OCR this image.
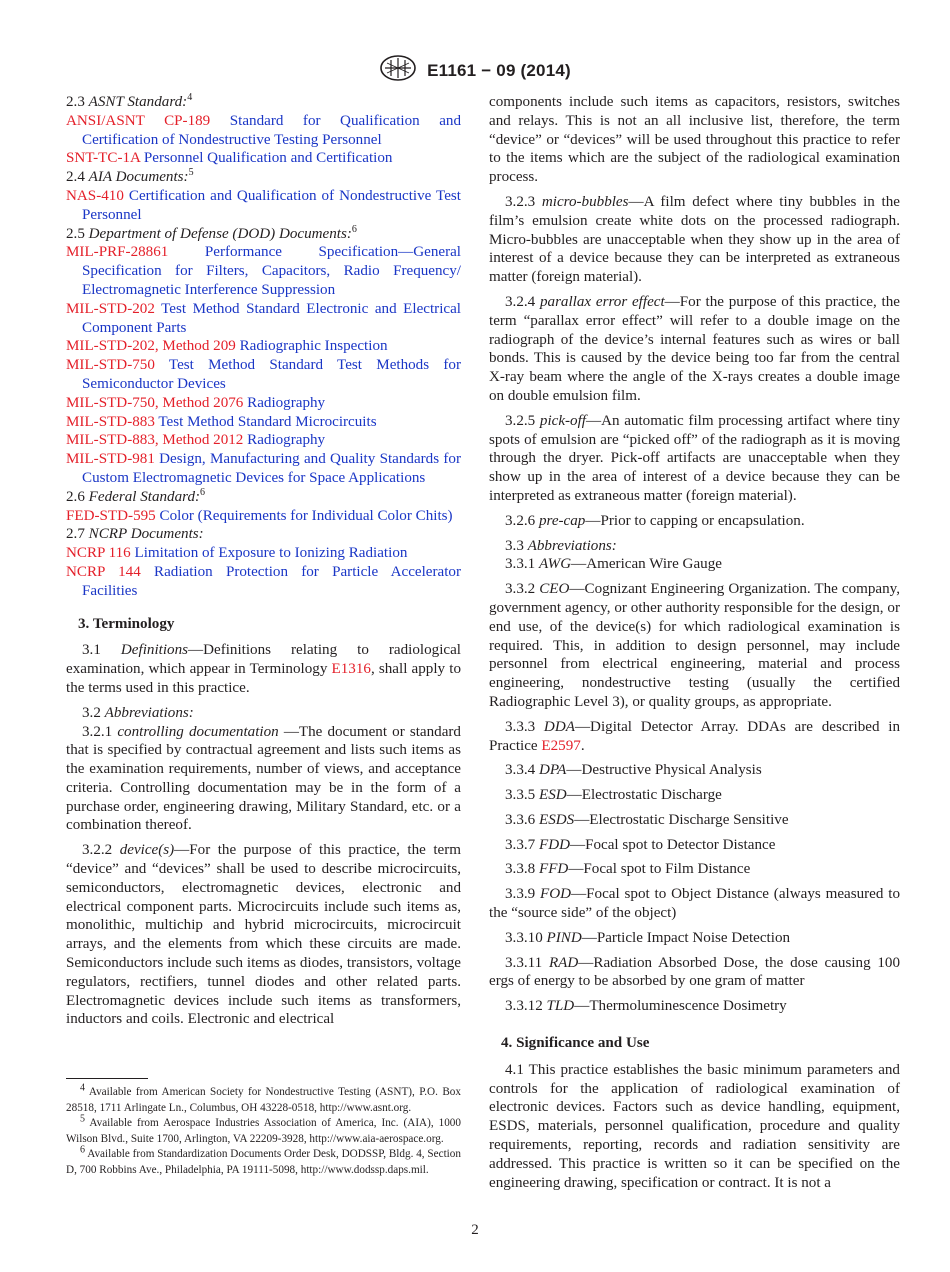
E1161 − 09 (2014)
2.3 ASNT Standard:$^4$
ANSI/ASNT CP-189 Standard for Qualification and Certification of Nondestructive Testing Personnel
SNT-TC-1A Personnel Qualification and Certification
2.4 AIA Documents:$^5$
NAS-410 Certification and Qualification of Nondestructive Test Personnel
2.5 Department of Defense (DOD) Documents:$^6$
MIL-PRF-28861 Performance Specification—General Specification for Filters, Capacitors, Radio Frequency/ Electromagnetic Interference Suppression
MIL-STD-202 Test Method Standard Electronic and Electrical Component Parts
MIL-STD-202, Method 209 Radiographic Inspection
MIL-STD-750 Test Method Standard Test Methods for Semiconductor Devices
MIL-STD-750, Method 2076 Radiography
MIL-STD-883 Test Method Standard Microcircuits
MIL-STD-883, Method 2012 Radiography
MIL-STD-981 Design, Manufacturing and Quality Standards for Custom Electromagnetic Devices for Space Applications
2.6 Federal Standard:$^6$
FED-STD-595 Color (Requirements for Individual Color Chits)
2.7 NCRP Documents:
NCRP 116 Limitation of Exposure to Ionizing Radiation
NCRP 144 Radiation Protection for Particle Accelerator Facilities
3. Terminology
3.1 Definitions—Definitions relating to radiological examination, which appear in Terminology E1316, shall apply to the terms used in this practice.
3.2 Abbreviations:
3.2.1 controlling documentation —The document or standard that is specified by contractual agreement and lists such items as the examination requirements, number of views, and acceptance criteria. Controlling documentation may be in the form of a purchase order, engineering drawing, Military Standard, etc. or a combination thereof.
3.2.2 device(s)—For the purpose of this practice, the term “device” and “devices” shall be used to describe microcircuits, semiconductors, electromagnetic devices, electronic and electrical component parts. Microcircuits include such items as, monolithic, multichip and hybrid microcircuits, microcircuit arrays, and the elements from which these circuits are made. Semiconductors include such items as diodes, transistors, voltage regulators, rectifiers, tunnel diodes and other related parts. Electromagnetic devices include such items as transformers, inductors and coils. Electronic and electrical
$^4$ Available from American Society for Nondestructive Testing (ASNT), P.O. Box 28518, 1711 Arlingate Ln., Columbus, OH 43228-0518, http://www.asnt.org.
$^5$ Available from Aerospace Industries Association of America, Inc. (AIA), 1000 Wilson Blvd., Suite 1700, Arlington, VA 22209-3928, http://www.aia-aerospace.org.
$^6$ Available from Standardization Documents Order Desk, DODSSP, Bldg. 4, Section D, 700 Robbins Ave., Philadelphia, PA 19111-5098, http://www.dodssp.daps.mil.
components include such items as capacitors, resistors, switches and relays. This is not an all inclusive list, therefore, the term “device” or “devices” will be used throughout this practice to refer to the items which are the subject of the radiological examination process.
3.2.3 micro-bubbles—A film defect where tiny bubbles in the film’s emulsion create white dots on the processed radiograph. Micro-bubbles are unacceptable when they show up in the area of interest of a device because they can be interpreted as extraneous matter (foreign material).
3.2.4 parallax error effect—For the purpose of this practice, the term “parallax error effect” will refer to a double image on the radiograph of the device’s internal features such as wires or ball bonds. This is caused by the device being too far from the central X-ray beam where the angle of the X-rays creates a double image on double emulsion film.
3.2.5 pick-off—An automatic film processing artifact where tiny spots of emulsion are “picked off” of the radiograph as it is moving through the dryer. Pick-off artifacts are unacceptable when they show up in the area of interest of a device because they can be interpreted as extraneous matter (foreign material).
3.2.6 pre-cap—Prior to capping or encapsulation.
3.3 Abbreviations:
3.3.1 AWG—American Wire Gauge
3.3.2 CEO—Cognizant Engineering Organization. The company, government agency, or other authority responsible for the design, or end use, of the device(s) for which radiological examination is required. This, in addition to design personnel, may include personnel from electrical engineering, material and process engineering, nondestructive testing (usually the certified Radiographic Level 3), or quality groups, as appropriate.
3.3.3 DDA—Digital Detector Array. DDAs are described in Practice E2597.
3.3.4 DPA—Destructive Physical Analysis
3.3.5 ESD—Electrostatic Discharge
3.3.6 ESDS—Electrostatic Discharge Sensitive
3.3.7 FDD—Focal spot to Detector Distance
3.3.8 FFD—Focal spot to Film Distance
3.3.9 FOD—Focal spot to Object Distance (always measured to the “source side” of the object)
3.3.10 PIND—Particle Impact Noise Detection
3.3.11 RAD—Radiation Absorbed Dose, the dose causing 100 ergs of energy to be absorbed by one gram of matter
3.3.12 TLD—Thermoluminescence Dosimetry
4. Significance and Use
4.1 This practice establishes the basic minimum parameters and controls for the application of radiological examination of electronic devices. Factors such as device handling, equipment, ESDS, materials, personnel qualification, procedure and quality requirements, reporting, records and radiation sensitivity are addressed. This practice is written so it can be specified on the engineering drawing, specification or contract. It is not a
2
